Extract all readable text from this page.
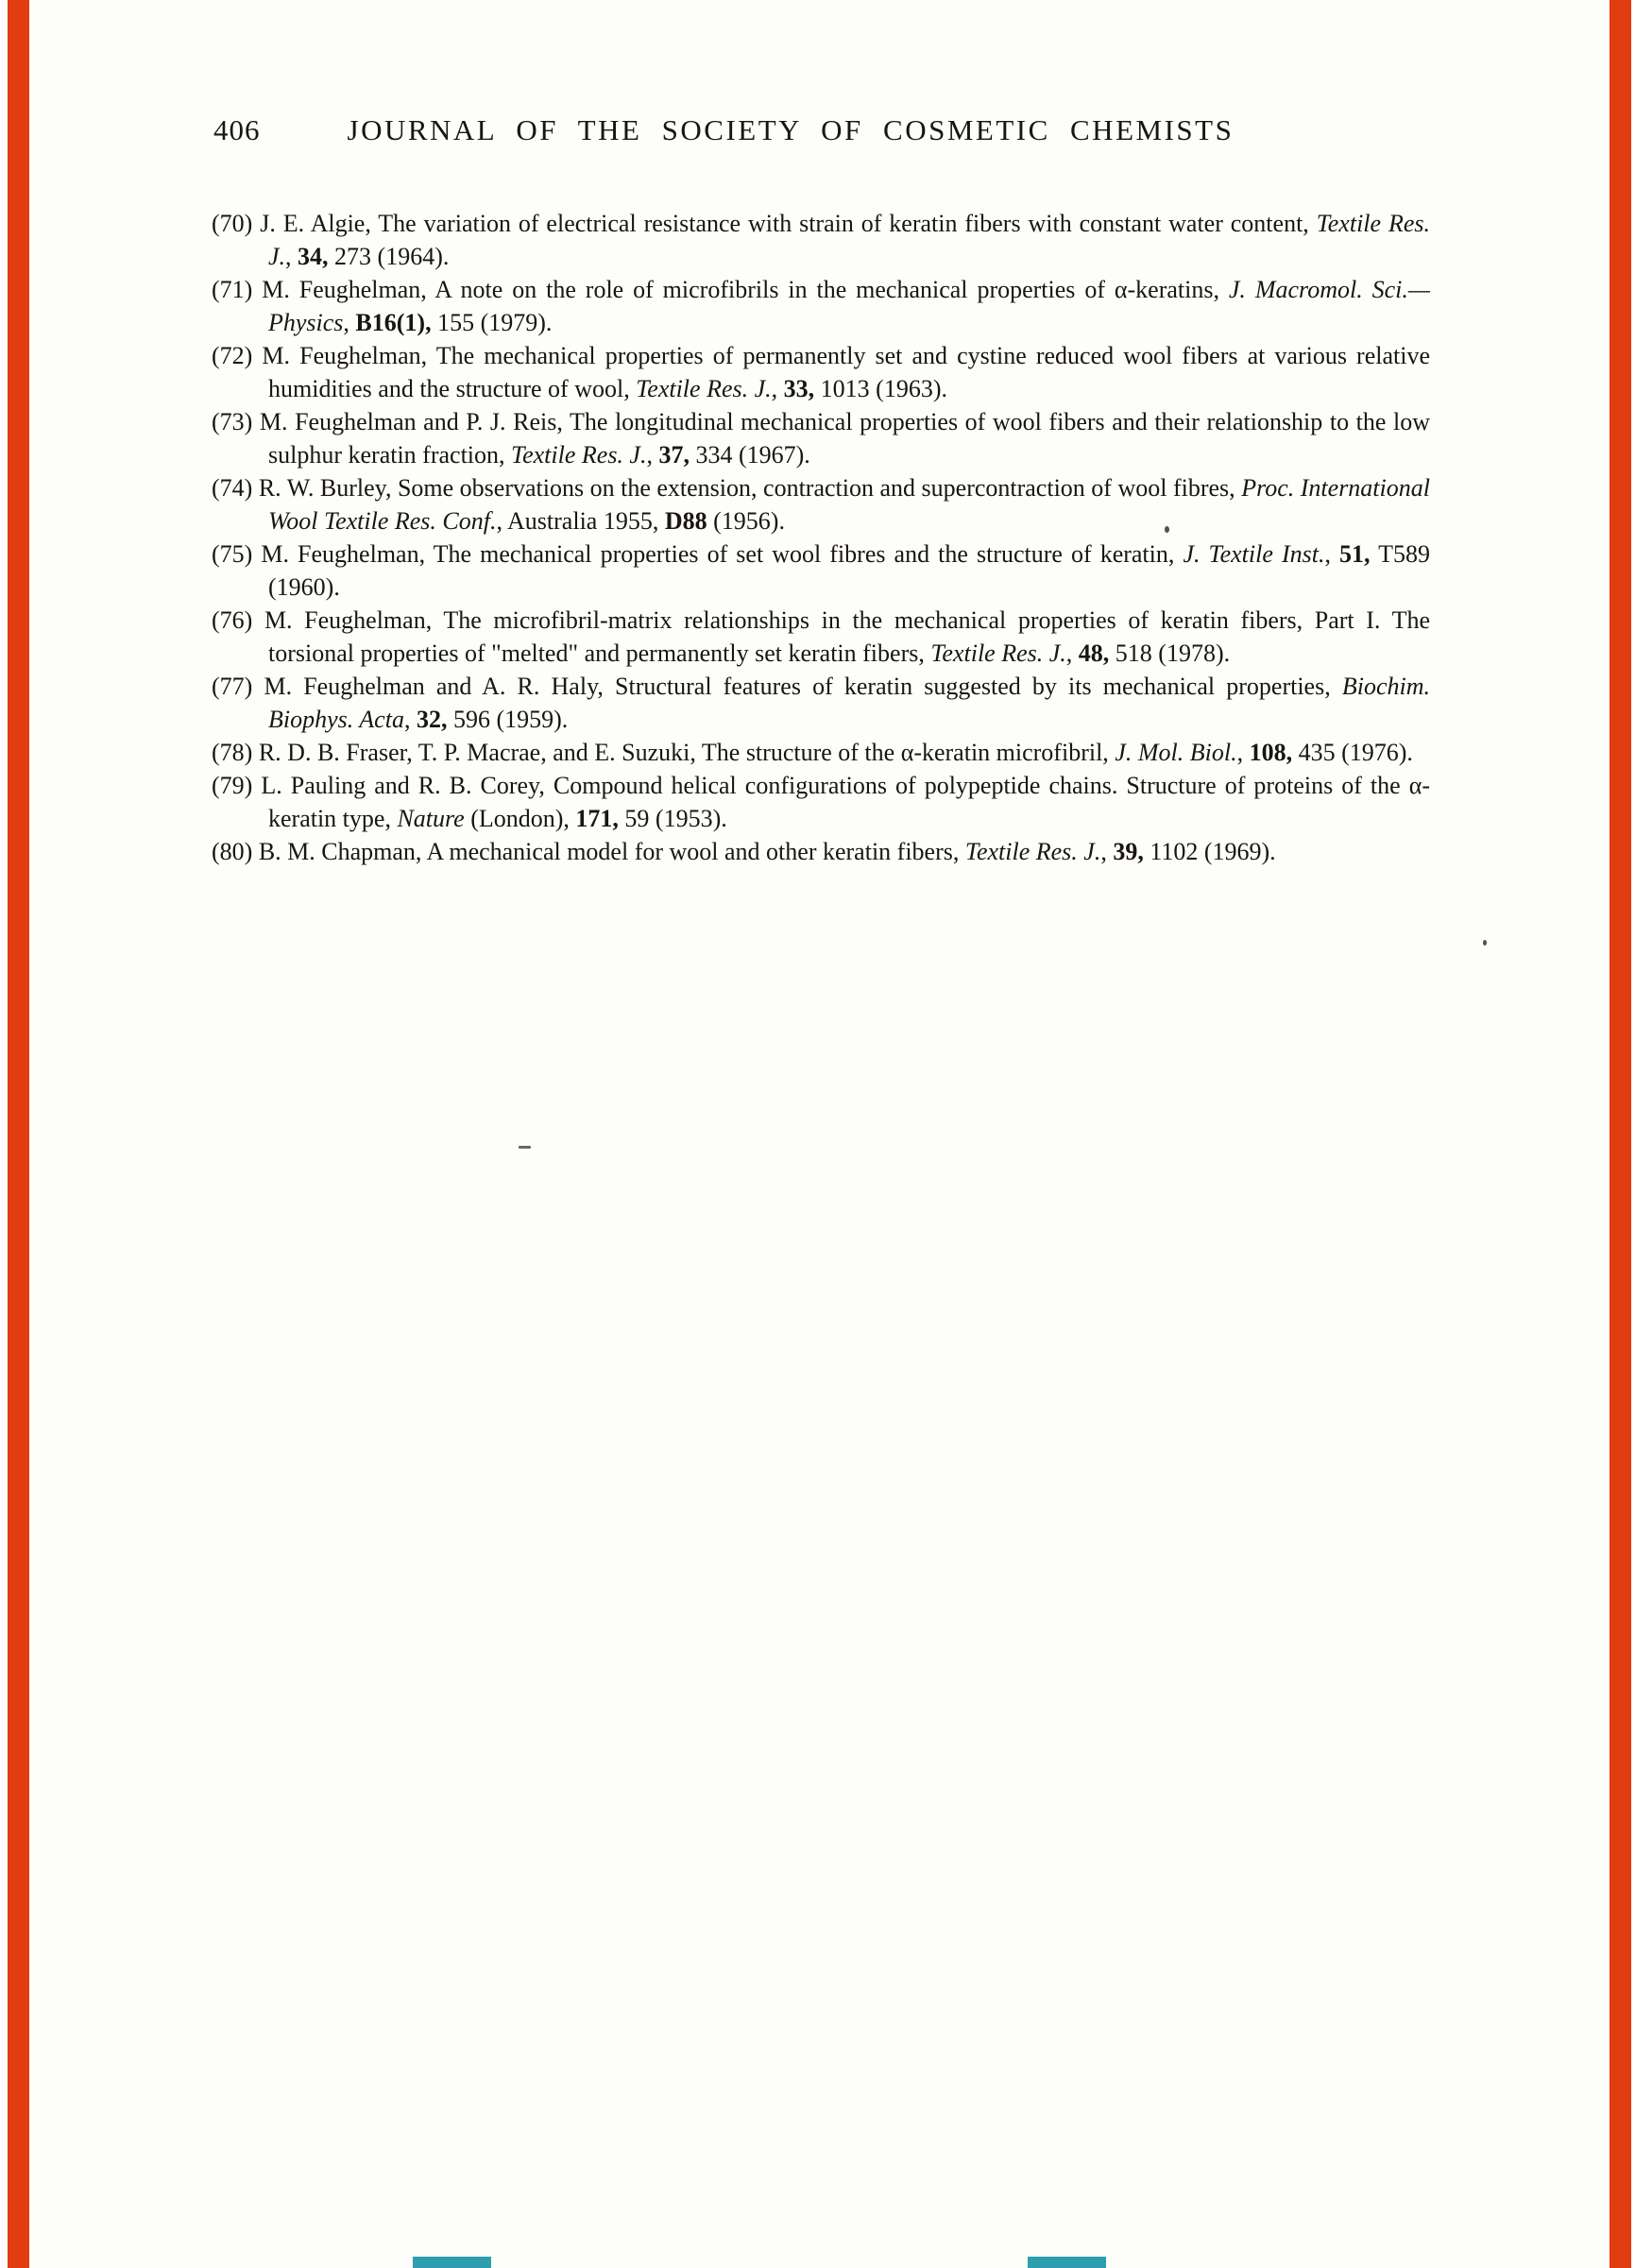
406	JOURNAL OF THE SOCIETY OF COSMETIC CHEMISTS

(70) J. E. Algie, The variation of electrical resistance with strain of keratin fibers with constant water content, Textile Res. J., 34, 273 (1964).

(71) M. Feughelman, A note on the role of microfibrils in the mechanical properties of α-keratins, J. Macromol. Sci.—Physics, B16(1), 155 (1979).

(72) M. Feughelman, The mechanical properties of permanently set and cystine reduced wool fibers at various relative humidities and the structure of wool, Textile Res. J., 33, 1013 (1963).

(73) M. Feughelman and P. J. Reis, The longitudinal mechanical properties of wool fibers and their relationship to the low sulphur keratin fraction, Textile Res. J., 37, 334 (1967).

(74) R. W. Burley, Some observations on the extension, contraction and supercontraction of wool fibres, Proc. International Wool Textile Res. Conf., Australia 1955, D88 (1956).

(75) M. Feughelman, The mechanical properties of set wool fibres and the structure of keratin, J. Textile Inst., 51, T589 (1960).

(76) M. Feughelman, The microfibril-matrix relationships in the mechanical properties of keratin fibers, Part I. The torsional properties of "melted" and permanently set keratin fibers, Textile Res. J., 48, 518 (1978).

(77) M. Feughelman and A. R. Haly, Structural features of keratin suggested by its mechanical properties, Biochim. Biophys. Acta, 32, 596 (1959).

(78) R. D. B. Fraser, T. P. Macrae, and E. Suzuki, The structure of the α-keratin microfibril, J. Mol. Biol., 108, 435 (1976).

(79) L. Pauling and R. B. Corey, Compound helical configurations of polypeptide chains. Structure of proteins of the α-keratin type, Nature (London), 171, 59 (1953).

(80) B. M. Chapman, A mechanical model for wool and other keratin fibers, Textile Res. J., 39, 1102 (1969).
